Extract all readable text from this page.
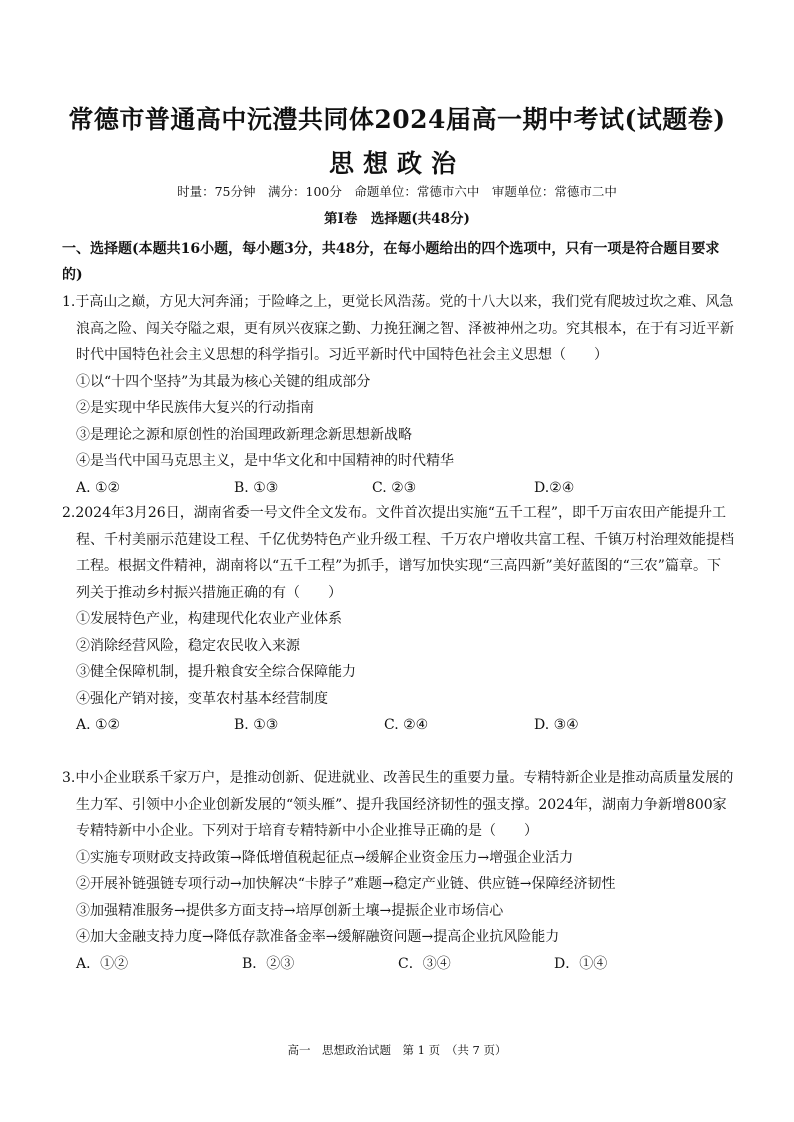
常德市普通高中沅澧共同体2024届高一期中考试(试题卷)
思想政治
时量：75分钟　满分：100分　命题单位：常德市六中　审题单位：常德市二中
第Ⅰ卷　选择题(共48分)
一、选择题(本题共16小题，每小题3分，共48分，在每小题给出的四个选项中，只有一项是符合题目要求的)
1.于高山之巅，方见大河奔涌；于险峰之上，更觉长风浩荡。党的十八大以来，我们党有爬坡过坎之难、风急浪高之险、闯关夺隘之艰，更有夙兴夜寐之勤、力挽狂澜之智、泽被神州之功。究其根本，在于有习近平新时代中国特色社会主义思想的科学指引。习近平新时代中国特色社会主义思想（　　）
①以“十四个坚持”为其最为核心关键的组成部分
②是实现中华民族伟大复兴的行动指南
③是理论之源和原创性的治国理政新理念新思想新战略
④是当代中国马克思主义，是中华文化和中国精神的时代精华
A. ①②	B. ①③	C. ②③	D.②④
2.2024年3月26日，湖南省委一号文件全文发布。文件首次提出实施“五千工程”，即千万亩农田产能提升工程、千村美丽示范建设工程、千亿优势特色产业升级工程、千万农户增收共富工程、千镇万村治理效能提档工程。根据文件精神，湖南将以“五千工程”为抓手，谱写加快实现“三高四新”美好蓝图的“三农”篇章。下列关于推动乡村振兴措施正确的有（　　）
①发展特色产业，构建现代化农业产业体系
②消除经营风险，稳定农民收入来源
③健全保障机制，提升粮食安全综合保障能力
④强化产销对接，变革农村基本经营制度
A. ①②	B. ①③	C. ②④	D. ③④
3.中小企业联系千家万户，是推动创新、促进就业、改善民生的重要力量。专精特新企业是推动高质量发展的生力军、引领中小企业创新发展的“领头雁”、提升我国经济韧性的强支撑。2024年，湖南力争新增800家专精特新中小企业。下列对于培育专精特新中小企业推导正确的是（　　）
①实施专项财政支持政策→降低增值税起征点→缓解企业资金压力→增强企业活力
②开展补链强链专项行动→加快解决“卡脖子”难题→稳定产业链、供应链→保障经济韧性
③加强精准服务→提供多方面支持→培厚创新土壤→提振企业市场信心
④加大金融支持力度→降低存款准备金率→缓解融资问题→提高企业抗风险能力
A．①②	B．②③	C．③④	D．①④
高一　思想政治试题　第 1 页　（共 7 页）
